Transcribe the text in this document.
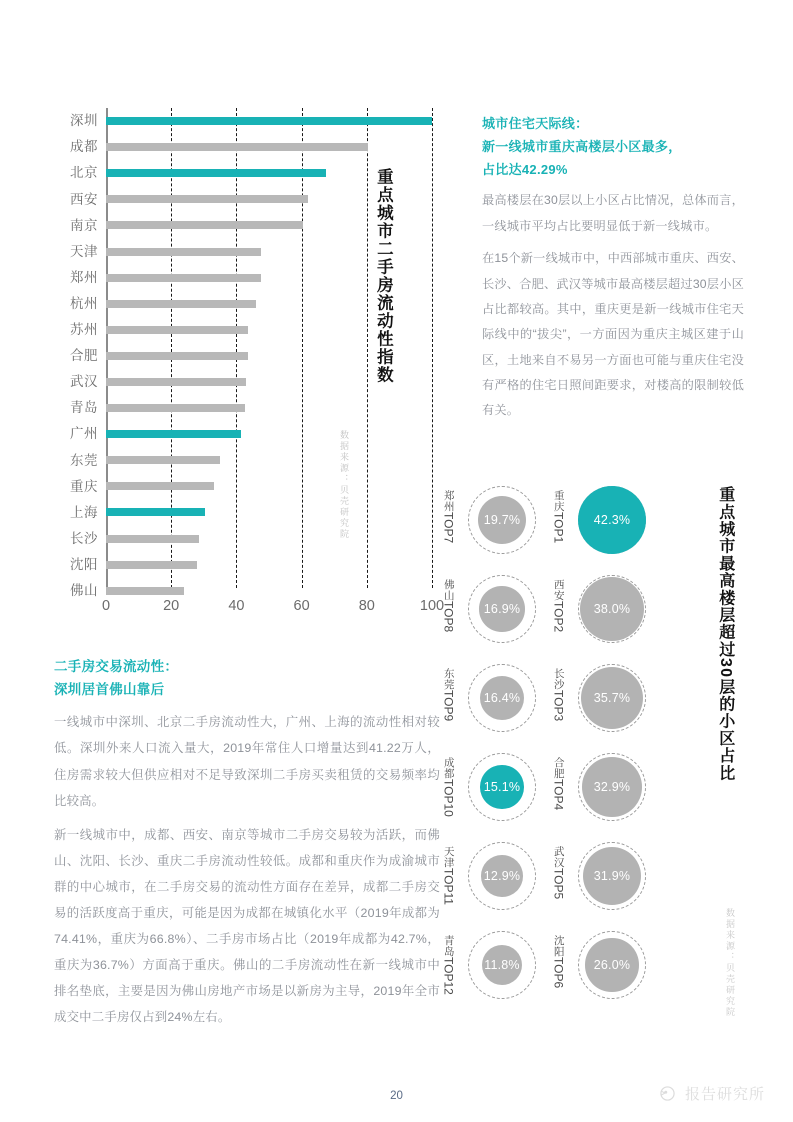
深圳
成都
北京
西安
南京
天津
郑州
杭州
苏州
合肥
武汉
青岛
广州
东莞
重庆
上海
长沙
沈阳
佛山
0	20	40	60	80	100
重点城市二手房流动性指数
数据来源：贝壳研究院
二手房交易流动性：
深圳居首佛山靠后

一线城市中深圳、北京二手房流动性大，广州、上海的流动性相对较低。深圳外来人口流入量大，2019年常住人口增量达到41.22万人，住房需求较大但供应相对不足导致深圳二手房买卖租赁的交易频率均比较高。

新一线城市中，成都、西安、南京等城市二手房交易较为活跃，而佛山、沈阳、长沙、重庆二手房流动性较低。成都和重庆作为成渝城市群的中心城市，在二手房交易的流动性方面存在差异，成都二手房交易的活跃度高于重庆，可能是因为成都在城镇化水平（2019年成都为74.41%，重庆为66.8%）、二手房市场占比（2019年成都为42.7%，重庆为36.7%）方面高于重庆。佛山的二手房流动性在新一线城市中排名垫底，主要是因为佛山房地产市场是以新房为主导，2019年全市成交中二手房仅占到24%左右。

城市住宅天际线：
新一线城市重庆高楼层小区最多，
占比达42.29%

最高楼层在30层以上小区占比情况，总体而言，一线城市平均占比要明显低于新一线城市。

在15个新一线城市中，中西部城市重庆、西安、长沙、合肥、武汉等城市最高楼层超过30层小区占比都较高。其中，重庆更是新一线城市住宅天际线中的“拔尖”，一方面因为重庆主城区建于山区，土地来自不易另一方面也可能与重庆住宅没有严格的住宅日照间距要求，对楼高的限制较低有关。

42.3%
重庆TOP1
38.0%
西安TOP2
35.7%
长沙TOP3
32.9%
合肥TOP4
31.9%
武汉TOP5
26.0%
沈阳TOP6
19.7%
郑州TOP7
16.9%
佛山TOP8
16.4%
东莞TOP9
15.1%
成都TOP10
12.9%
天津TOP11
11.8%
青岛TOP12
重点城市最高楼层超过30层的小区占比
数据来源：贝壳研究院
20	报告研究所
